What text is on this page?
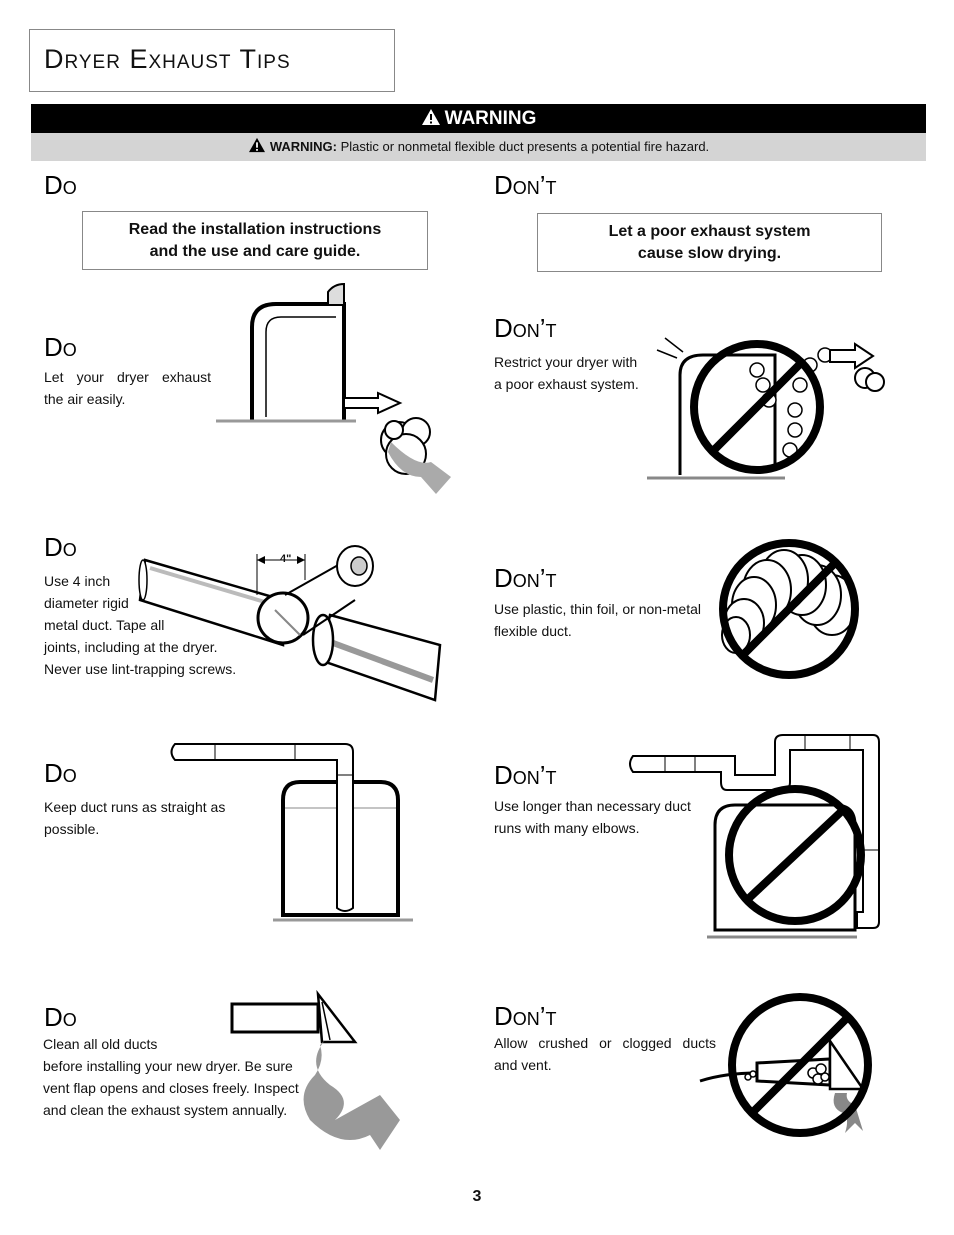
Dryer Exhaust Tips
WARNING
WARNING: Plastic or nonmetal flexible duct presents a potential fire hazard.
Do	Don’t
Read the installation instructions
and the use and care guide.
Let a poor exhaust system
cause slow drying.
Do
Let your dryer exhaust
the air easily.
Do
Use 4 inch
diameter rigid
metal duct. Tape all
joints, including at the dryer.
Never use lint-trapping screws.
4"
Do
Keep duct runs as straight as
possible.
Do
Clean all old ducts
before installing your new dryer. Be sure
vent flap opens and closes freely. Inspect
and clean the exhaust system annually.
Don’t
Restrict your dryer with
a poor exhaust system.
Don’t
Use plastic, thin foil, or non-metal
flexible duct.
Don’t
Use longer than necessary duct
runs with many elbows.
Don’t
Allow crushed or clogged ducts
and vent.
3
